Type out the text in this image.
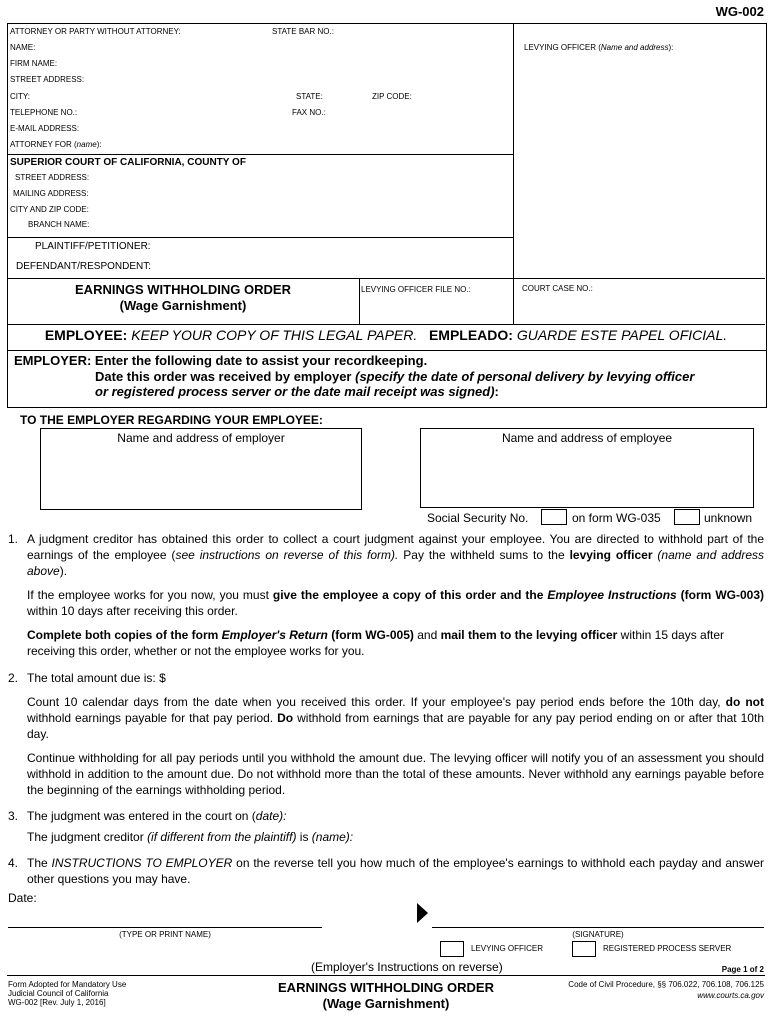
WG-002
ATTORNEY OR PARTY WITHOUT ATTORNEY:	STATE BAR NO.:
NAME:
FIRM NAME:
STREET ADDRESS:
CITY:	STATE:	ZIP CODE:
TELEPHONE NO.:	FAX NO.:
E-MAIL ADDRESS:
ATTORNEY FOR (name):
LEVYING OFFICER (Name and address):
SUPERIOR COURT OF CALIFORNIA, COUNTY OF
STREET ADDRESS:
MAILING ADDRESS:
CITY AND ZIP CODE:
BRANCH NAME:
PLAINTIFF/PETITIONER:
DEFENDANT/RESPONDENT:
EARNINGS WITHHOLDING ORDER
(Wage Garnishment)
LEVYING OFFICER FILE NO.:	COURT CASE NO.:
EMPLOYEE: KEEP YOUR COPY OF THIS LEGAL PAPER. EMPLEADO: GUARDE ESTE PAPEL OFICIAL.
EMPLOYER: Enter the following date to assist your recordkeeping.
Date this order was received by employer (specify the date of personal delivery by levying officer
or registered process server or the date mail receipt was signed):
TO THE EMPLOYER REGARDING YOUR EMPLOYEE:
Name and address of employer	Name and address of employee
Social Security No.	on form WG-035	unknown
1. A judgment creditor has obtained this order to collect a court judgment against your employee. You are directed to withhold part of the earnings of the employee (see instructions on reverse of this form). Pay the withheld sums to the levying officer (name and address above).
If the employee works for you now, you must give the employee a copy of this order and the Employee Instructions (form WG-003) within 10 days after receiving this order.
Complete both copies of the form Employer's Return (form WG-005) and mail them to the levying officer within 15 days after receiving this order, whether or not the employee works for you.
2. The total amount due is: $
Count 10 calendar days from the date when you received this order. If your employee's pay period ends before the 10th day, do not withhold earnings payable for that pay period. Do withhold from earnings that are payable for any pay period ending on or after that 10th day.
Continue withholding for all pay periods until you withhold the amount due. The levying officer will notify you of an assessment you should withhold in addition to the amount due. Do not withhold more than the total of these amounts. Never withhold any earnings payable before the beginning of the earnings withholding period.
3. The judgment was entered in the court on (date):
The judgment creditor (if different from the plaintiff) is (name):
4. The INSTRUCTIONS TO EMPLOYER on the reverse tell you how much of the employee's earnings to withhold each payday and answer other questions you may have.
Date:
(TYPE OR PRINT NAME)	(SIGNATURE)
LEVYING OFFICER	REGISTERED PROCESS SERVER
(Employer's Instructions on reverse)	Page 1 of 2
Form Adopted for Mandatory Use
Judicial Council of California
WG-002 [Rev. July 1, 2016]
EARNINGS WITHHOLDING ORDER
(Wage Garnishment)
Code of Civil Procedure, §§ 706.022, 706.108, 706.125
www.courts.ca.gov
